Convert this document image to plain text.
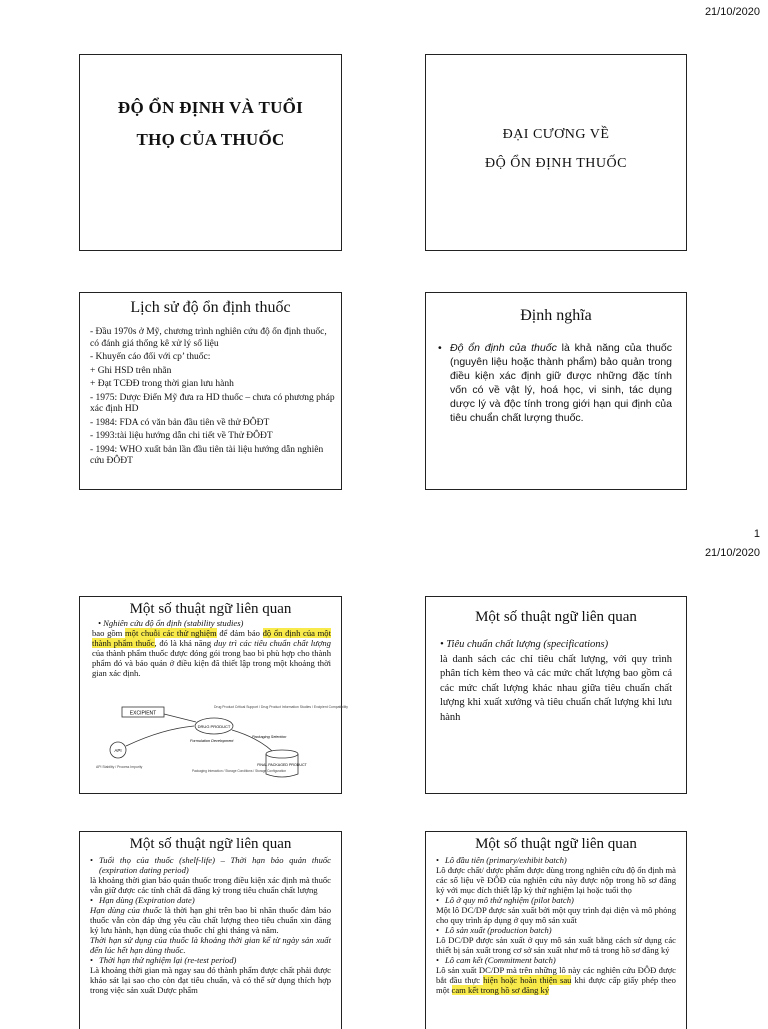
21/10/2020
ĐỘ ỔN ĐỊNH VÀ TUỔI
THỌ CỦA THUỐC	ĐẠI CƯƠNG VỀ
ĐỘ ỔN ĐỊNH THUỐC
Lịch sử độ ổn định thuốc
- Đầu 1970s ở Mỹ, chương trình nghiên cứu độ ổn định thuốc, có đánh giá thống kê xử lý số liệu
- Khuyến cáo đối với cp’ thuốc:
+ Ghi HSD trên nhãn
+ Đạt TCĐĐ trong thời gian lưu hành
- 1975: Dược Điển Mỹ đưa ra HD thuốc – chưa có phương pháp xác định HD
- 1984: FDA có văn bản đầu tiên về thử ĐÔĐT
- 1993:tài liệu hướng dẫn chi tiết về Thử ĐÔĐT
- 1994: WHO xuất bản lần đầu tiên tài liệu hướng dẫn nghiên cứu ĐÔĐT
Định nghĩa
• Độ ổn định của thuốc là khả năng của thuốc (nguyên liệu hoặc thành phẩm) bảo quản trong điều kiện xác định giữ được những đặc tính vốn có về vật lý, hoá học, vi sinh, tác dụng dược lý và độc tính trong giới hạn qui định của tiêu chuẩn chất lượng thuốc.
1
21/10/2020
Một số thuật ngữ liên quan
• Nghiên cứu độ ổn định (stability studies)
bao gồm một chuỗi các thử nghiệm để đảm bảo độ ổn định của một thành phẩm thuốc, đó là khả năng duy trì các tiêu chuẩn chất lượng của thành phẩm thuốc được đóng gói trong bao bì phù hợp cho thành phẩm đó và bảo quản ở điều kiện đã thiết lập trong một khoảng thời gian xác định.
EXCIPIENT
Drug Product Critical Support / Drug Product Information Studies / Excipient Compatibility
DRUG PRODUCT
API
API Stability / Process Impurity
Formulation Development
Packaging Selection
FINAL PACKAGED PRODUCT
Packaging Interaction / Storage Conditions / Storage Configuration
Một số thuật ngữ liên quan
• Tiêu chuẩn chất lượng (specifications)
là danh sách các chỉ tiêu chất lượng, với quy trình phân tích kèm theo và các mức chất lượng bao gồm cả các mức chất lượng khác nhau giữa tiêu chuẩn chất lượng khi xuất xưởng và tiêu chuẩn chất lượng khi lưu hành
Một số thuật ngữ liên quan
• Tuổi thọ của thuốc (shelf-life) – Thời hạn bảo quản thuốc (expiration dating period)
là khoảng thời gian bảo quản thuốc trong điều kiện xác định mà thuốc vẫn giữ được các tính chất đã đăng ký trong tiêu chuẩn chất lượng
• Hạn dùng (Expiration date)
Hạn dùng của thuốc là thời hạn ghi trên bao bì nhãn thuốc đảm bảo thuốc vẫn còn đáp ứng yêu cầu chất lượng theo tiêu chuẩn xin đăng ký lưu hành, hạn dùng của thuốc chỉ ghi tháng và năm.
Thời hạn sử dụng của thuốc là khoảng thời gian kể từ ngày sản xuất đến lúc hết hạn dùng thuốc.
• Thời hạn thử nghiệm lại (re-test period)
Là khoảng thời gian mà ngay sau đó thành phẩm được chất phải được khảo sát lại sao cho còn đạt tiêu chuẩn, và có thể sử dụng thích hợp trong việc sản xuất Dược phẩm
Một số thuật ngữ liên quan
• Lô đầu tiên (primary/exhibit batch)
Lô được chất/ dược phẩm được dùng trong nghiên cứu độ ổn định mà các số liệu về ĐÔĐ của nghiên cứu này được nộp trong hồ sơ đăng ký với mục đích thiết lập kỳ thử nghiệm lại hoặc tuổi thọ
• Lô ở quy mô thử nghiệm (pilot batch)
Một lô DC/DP được sản xuất bởi một quy trình đại diện và mô phỏng cho quy trình áp dụng ở quy mô sản xuất
• Lô sản xuất (production batch)
Lô DC/DP được sản xuất ở quy mô sản xuất bằng cách sử dụng các thiết bị sản xuất trong cơ sở sản xuất như mô tả trong hồ sơ đăng ký
• Lô cam kết (Commitment batch)
Lô sản xuất DC/DP mà trên những lô này các nghiên cứu ĐÔĐ được bắt đầu thực hiện hoặc hoàn thiện sau khi được cấp giấy phép theo một cam kết trong hồ sơ đăng ký
